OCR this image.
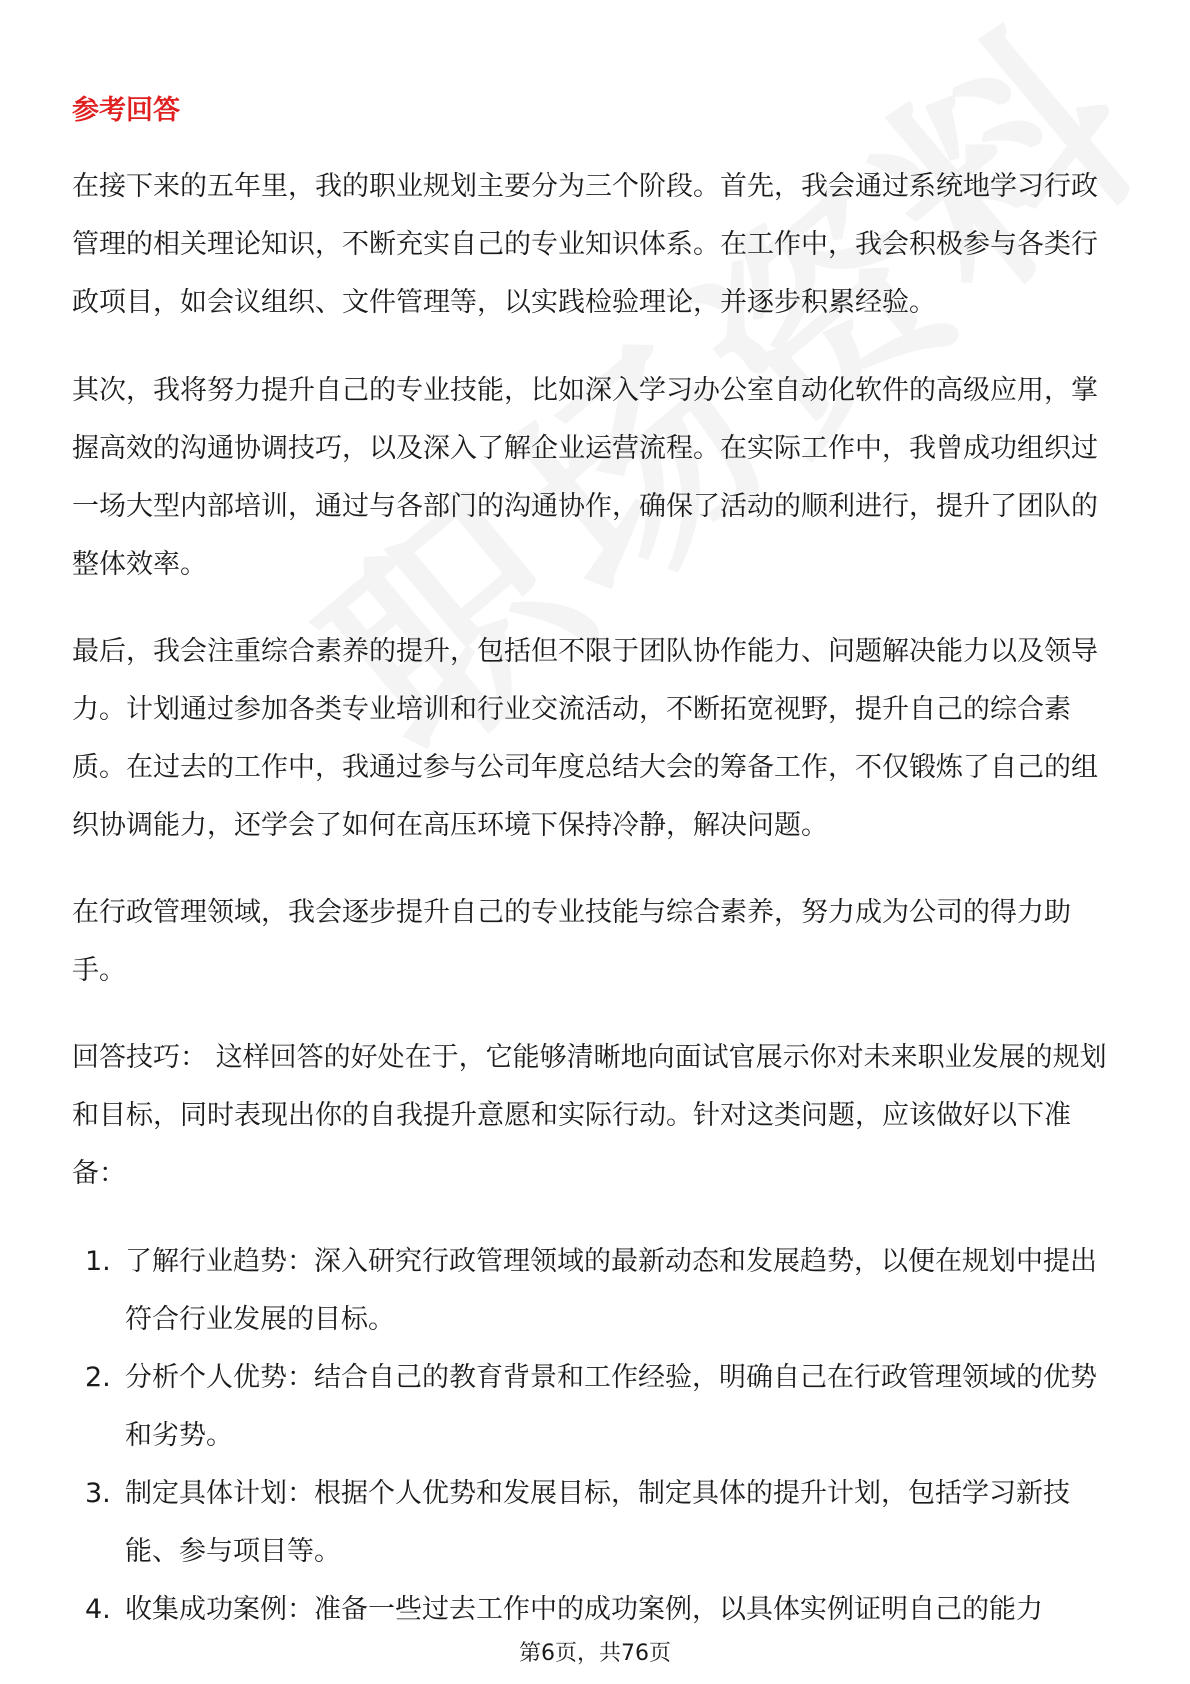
参考回答

在接下来的五年里，我的职业规划主要分为三个阶段。首先，我会通过系统地学习行政管理的相关理论知识，不断充实自己的专业知识体系。在工作中，我会积极参与各类行政项目，如会议组织、文件管理等，以实践检验理论，并逐步积累经验。

其次，我将努力提升自己的专业技能，比如深入学习办公室自动化软件的高级应用，掌握高效的沟通协调技巧，以及深入了解企业运营流程。在实际工作中，我曾成功组织过一场大型内部培训，通过与各部门的沟通协作，确保了活动的顺利进行，提升了团队的整体效率。

最后，我会注重综合素养的提升，包括但不限于团队协作能力、问题解决能力以及领导力。计划通过参加各类专业培训和行业交流活动，不断拓宽视野，提升自己的综合素质。在过去的工作中，我通过参与公司年度总结大会的筹备工作，不仅锻炼了自己的组织协调能力，还学会了如何在高压环境下保持冷静，解决问题。

在行政管理领域，我会逐步提升自己的专业技能与综合素养，努力成为公司的得力助手。

回答技巧： 这样回答的好处在于，它能够清晰地向面试官展示你对未来职业发展的规划和目标，同时表现出你的自我提升意愿和实际行动。针对这类问题，应该做好以下准备：

1. 了解行业趋势：深入研究行政管理领域的最新动态和发展趋势，以便在规划中提出符合行业发展的目标。
2. 分析个人优势：结合自己的教育背景和工作经验，明确自己在行政管理领域的优势和劣势。
3. 制定具体计划：根据个人优势和发展目标，制定具体的提升计划，包括学习新技能、参与项目等。
4. 收集成功案例：准备一些过去工作中的成功案例，以具体实例证明自己的能力
第6页，共76页
